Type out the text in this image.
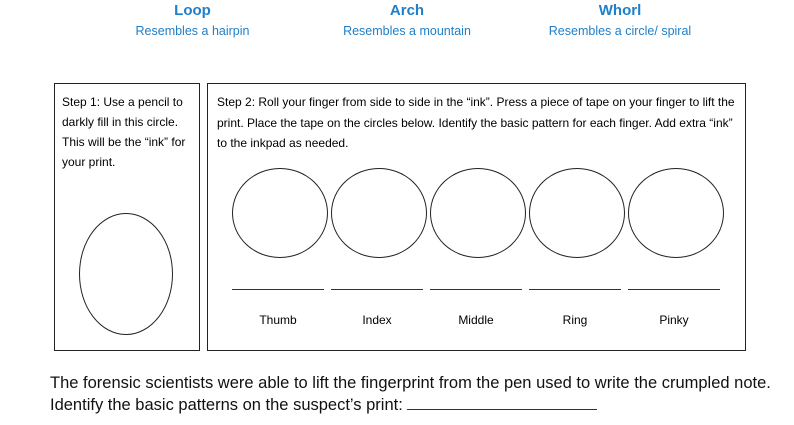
Loop
Resembles a hairpin
Arch
Resembles a mountain
Whorl
Resembles a circle/ spiral
Step 1: Use a pencil to darkly fill in this circle. This will be the “ink” for your print.
Step 2: Roll your finger from side to side in the “ink”. Press a piece of tape on your finger to lift the print. Place the tape on the circles below. Identify the basic pattern for each finger. Add extra “ink” to the inkpad as needed.
Thumb	Index	Middle	Ring	Pinky
The forensic scientists were able to lift the fingerprint from the pen used to write the crumpled note. Identify the basic patterns on the suspect’s print:
